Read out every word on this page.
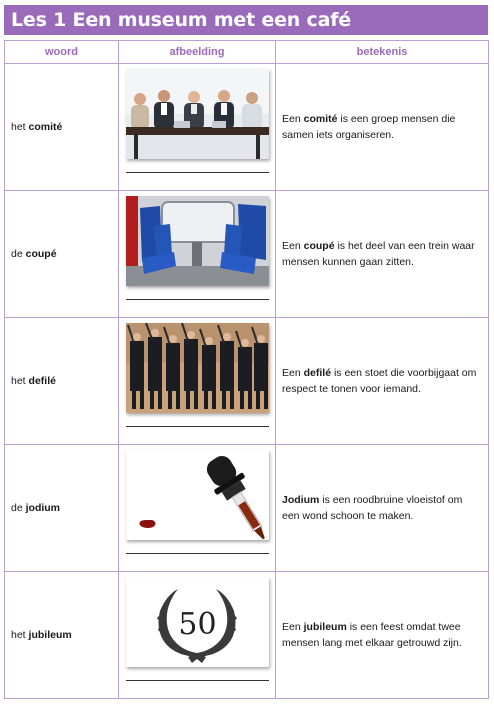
Les 1 Een museum met een café
woord	afbeelding	betekenis
het comité		Een comité is een groep mensen die samen iets organiseren.
de coupé		Een coupé is het deel van een trein waar mensen kunnen gaan zitten.
het defilé		Een defilé is een stoet die voorbijgaat om respect te tonen voor iemand.
de jodium		Jodium is een roodbruine vloeistof om een wond schoon te maken.
het jubileum	50	Een jubileum is een feest omdat twee mensen lang met elkaar getrouwd zijn.
